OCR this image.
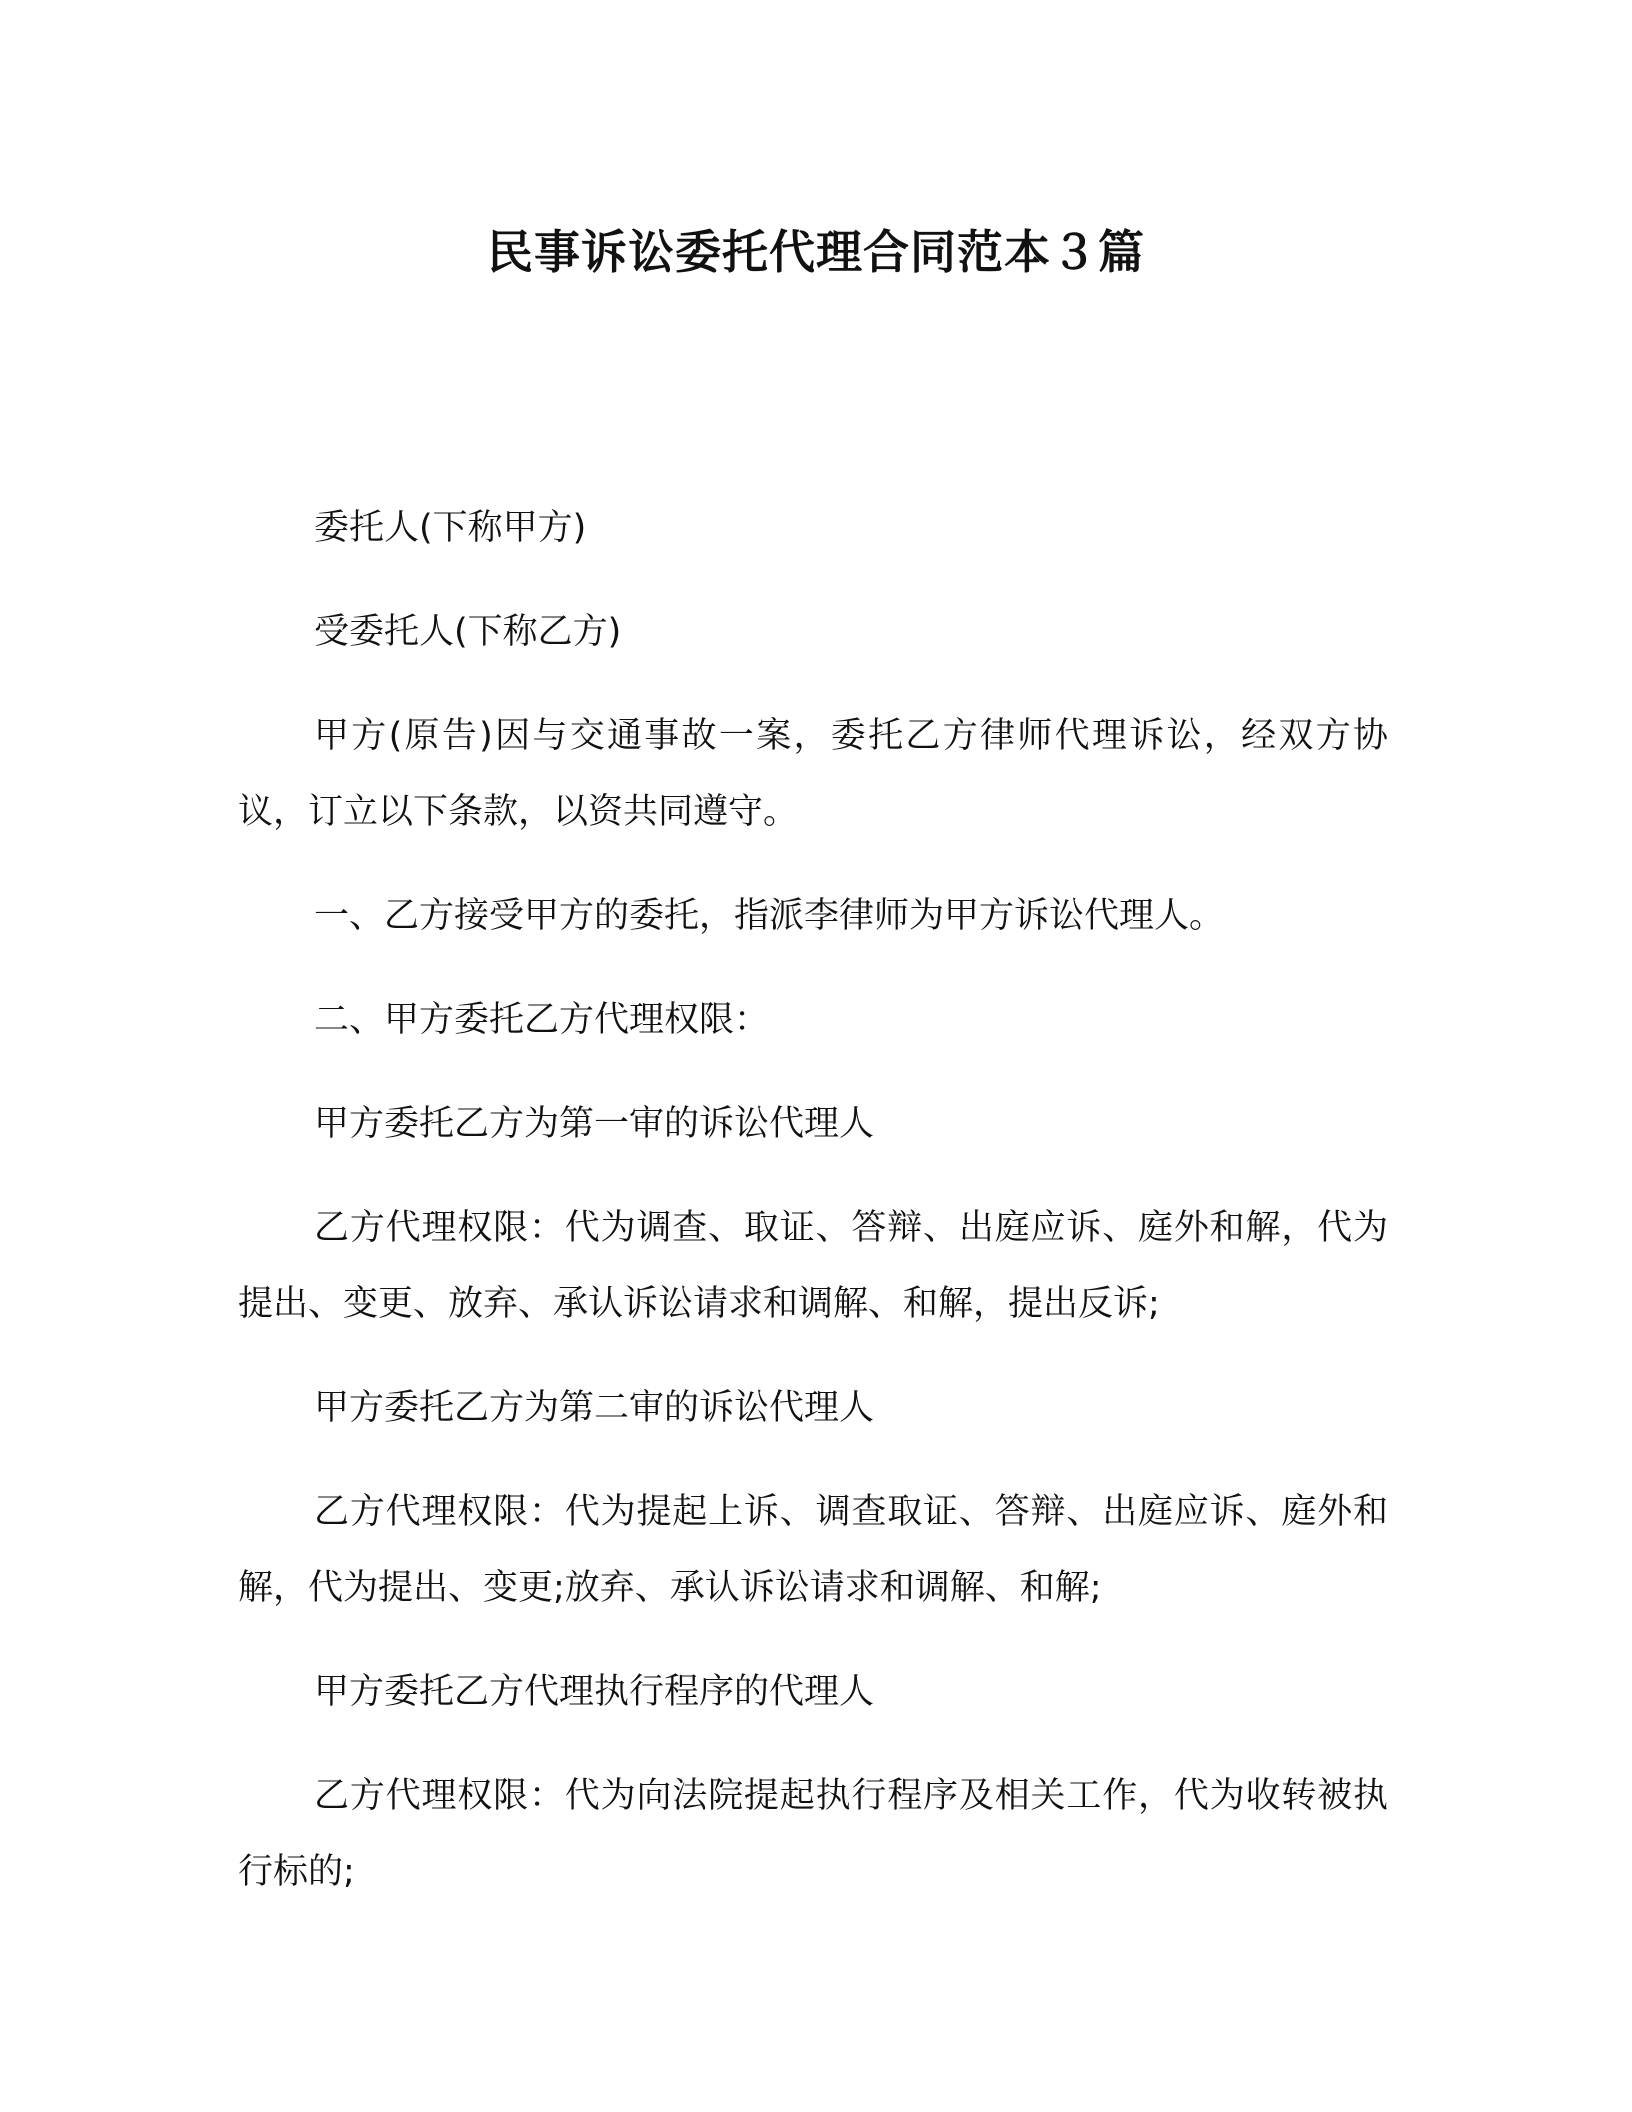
民事诉讼委托代理合同范本３篇

委托人(下称甲方)

受委托人(下称乙方)

甲方(原告)因与交通事故一案，委托乙方律师代理诉讼，经双方协议，订立以下条款，以资共同遵守。

一、乙方接受甲方的委托，指派李律师为甲方诉讼代理人。

二、甲方委托乙方代理权限：

甲方委托乙方为第一审的诉讼代理人

乙方代理权限：代为调查、取证、答辩、出庭应诉、庭外和解，代为提出、变更、放弃、承认诉讼请求和调解、和解，提出反诉;

甲方委托乙方为第二审的诉讼代理人

乙方代理权限：代为提起上诉、调查取证、答辩、出庭应诉、庭外和解，代为提出、变更;放弃、承认诉讼请求和调解、和解;

甲方委托乙方代理执行程序的代理人

乙方代理权限：代为向法院提起执行程序及相关工作，代为收转被执行标的;
